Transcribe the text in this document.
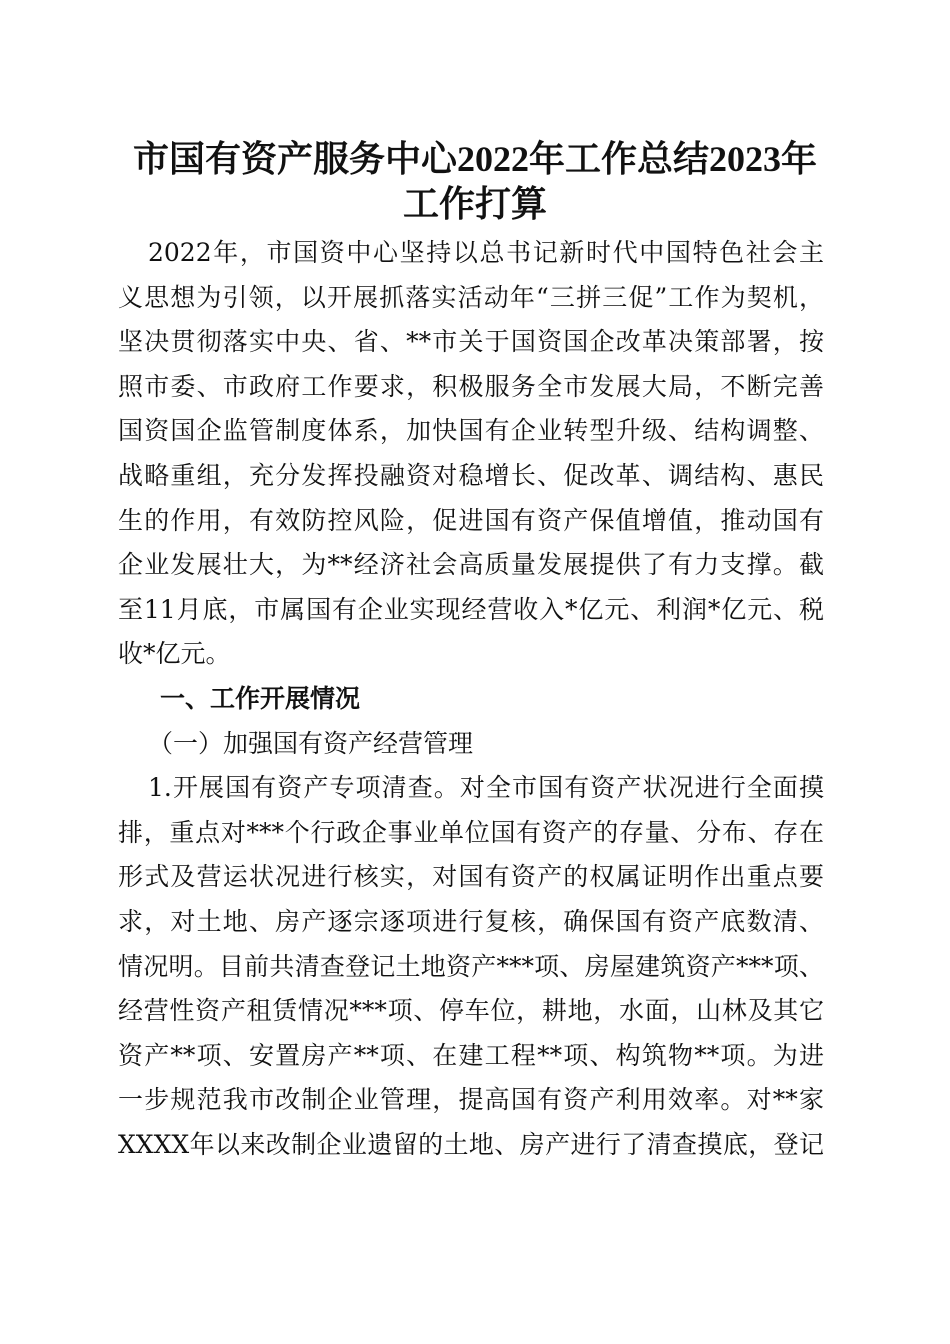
市国有资产服务中心2022年工作总结2023年
工作打算
2022年，市国资中心坚持以总书记新时代中国特色社会主
义思想为引领，以开展抓落实活动年“三拼三促”工作为契机，
坚决贯彻落实中央、省、**市关于国资国企改革决策部署，按
照市委、市政府工作要求，积极服务全市发展大局，不断完善
国资国企监管制度体系，加快国有企业转型升级、结构调整、
战略重组，充分发挥投融资对稳增长、促改革、调结构、惠民
生的作用，有效防控风险，促进国有资产保值增值，推动国有
企业发展壮大，为**经济社会高质量发展提供了有力支撑。截
至11月底，市属国有企业实现经营收入*亿元、利润*亿元、税
收*亿元。
一、工作开展情况
（一）加强国有资产经营管理
1.开展国有资产专项清查。对全市国有资产状况进行全面摸
排，重点对***个行政企事业单位国有资产的存量、分布、存在
形式及营运状况进行核实，对国有资产的权属证明作出重点要
求，对土地、房产逐宗逐项进行复核，确保国有资产底数清、
情况明。目前共清查登记土地资产***项、房屋建筑资产***项、
经营性资产租赁情况***项、停车位，耕地，水面，山林及其它
资产**项、安置房产**项、在建工程**项、构筑物**项。为进
一步规范我市改制企业管理，提高国有资产利用效率。对**家
XXXX年以来改制企业遗留的土地、房产进行了清查摸底，登记
